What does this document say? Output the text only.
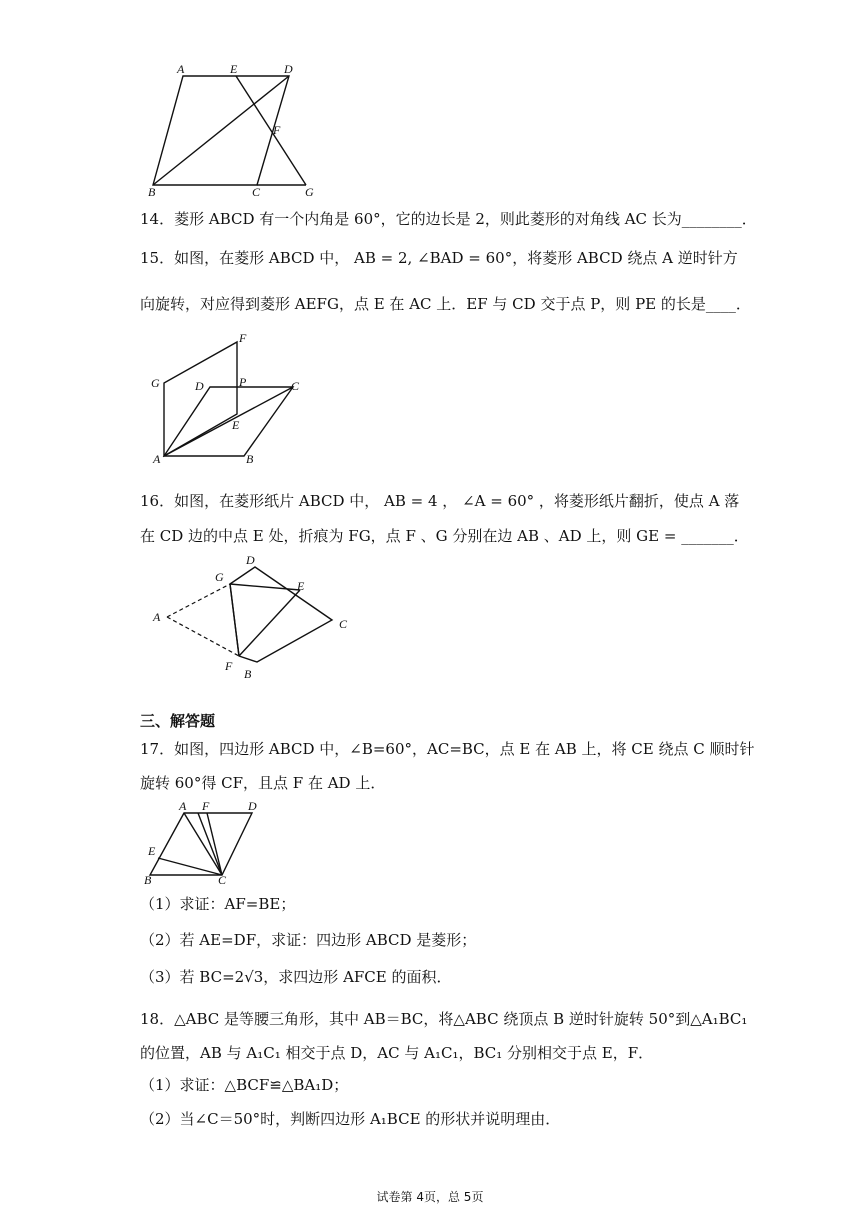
A	E	D
F
B	C	G
14．菱形 ABCD 有一个内角是 60°，它的边长是 2，则此菱形的对角线 AC 长为________．
15．如图，在菱形 ABCD 中， AB = 2, ∠BAD = 60°，将菱形 ABCD 绕点 A 逆时针方
向旋转，对应得到菱形 AEFG，点 E 在 AC 上．EF 与 CD 交于点 P，则 PE 的长是____．
F
G	D	P	C
E
A	B
16．如图，在菱形纸片 ABCD 中， AB = 4 ， ∠A = 60° ，将菱形纸片翻折，使点 A 落
在 CD 边的中点 E 处，折痕为 FG，点 F 、G 分别在边 AB 、AD 上，则 GE = _______．
D
G
E
A	C
F
B
三、解答题
17．如图，四边形 ABCD 中，∠B=60°，AC=BC，点 E 在 AB 上，将 CE 绕点 C 顺时针
旋转 60°得 CF，且点 F 在 AD 上．
A F	D
E
B	C
（1）求证：AF=BE；
（2）若 AE=DF，求证：四边形 ABCD 是菱形；
（3）若 BC=2√3，求四边形 AFCE 的面积．
18．△ABC 是等腰三角形，其中 AB＝BC，将△ABC 绕顶点 B 逆时针旋转 50°到△A₁BC₁
的位置，AB 与 A₁C₁ 相交于点 D，AC 与 A₁C₁，BC₁ 分别相交于点 E，F．
（1）求证：△BCF≌△BA₁D；
（2）当∠C＝50°时，判断四边形 A₁BCE 的形状并说明理由．
试卷第 4页，总 5页
